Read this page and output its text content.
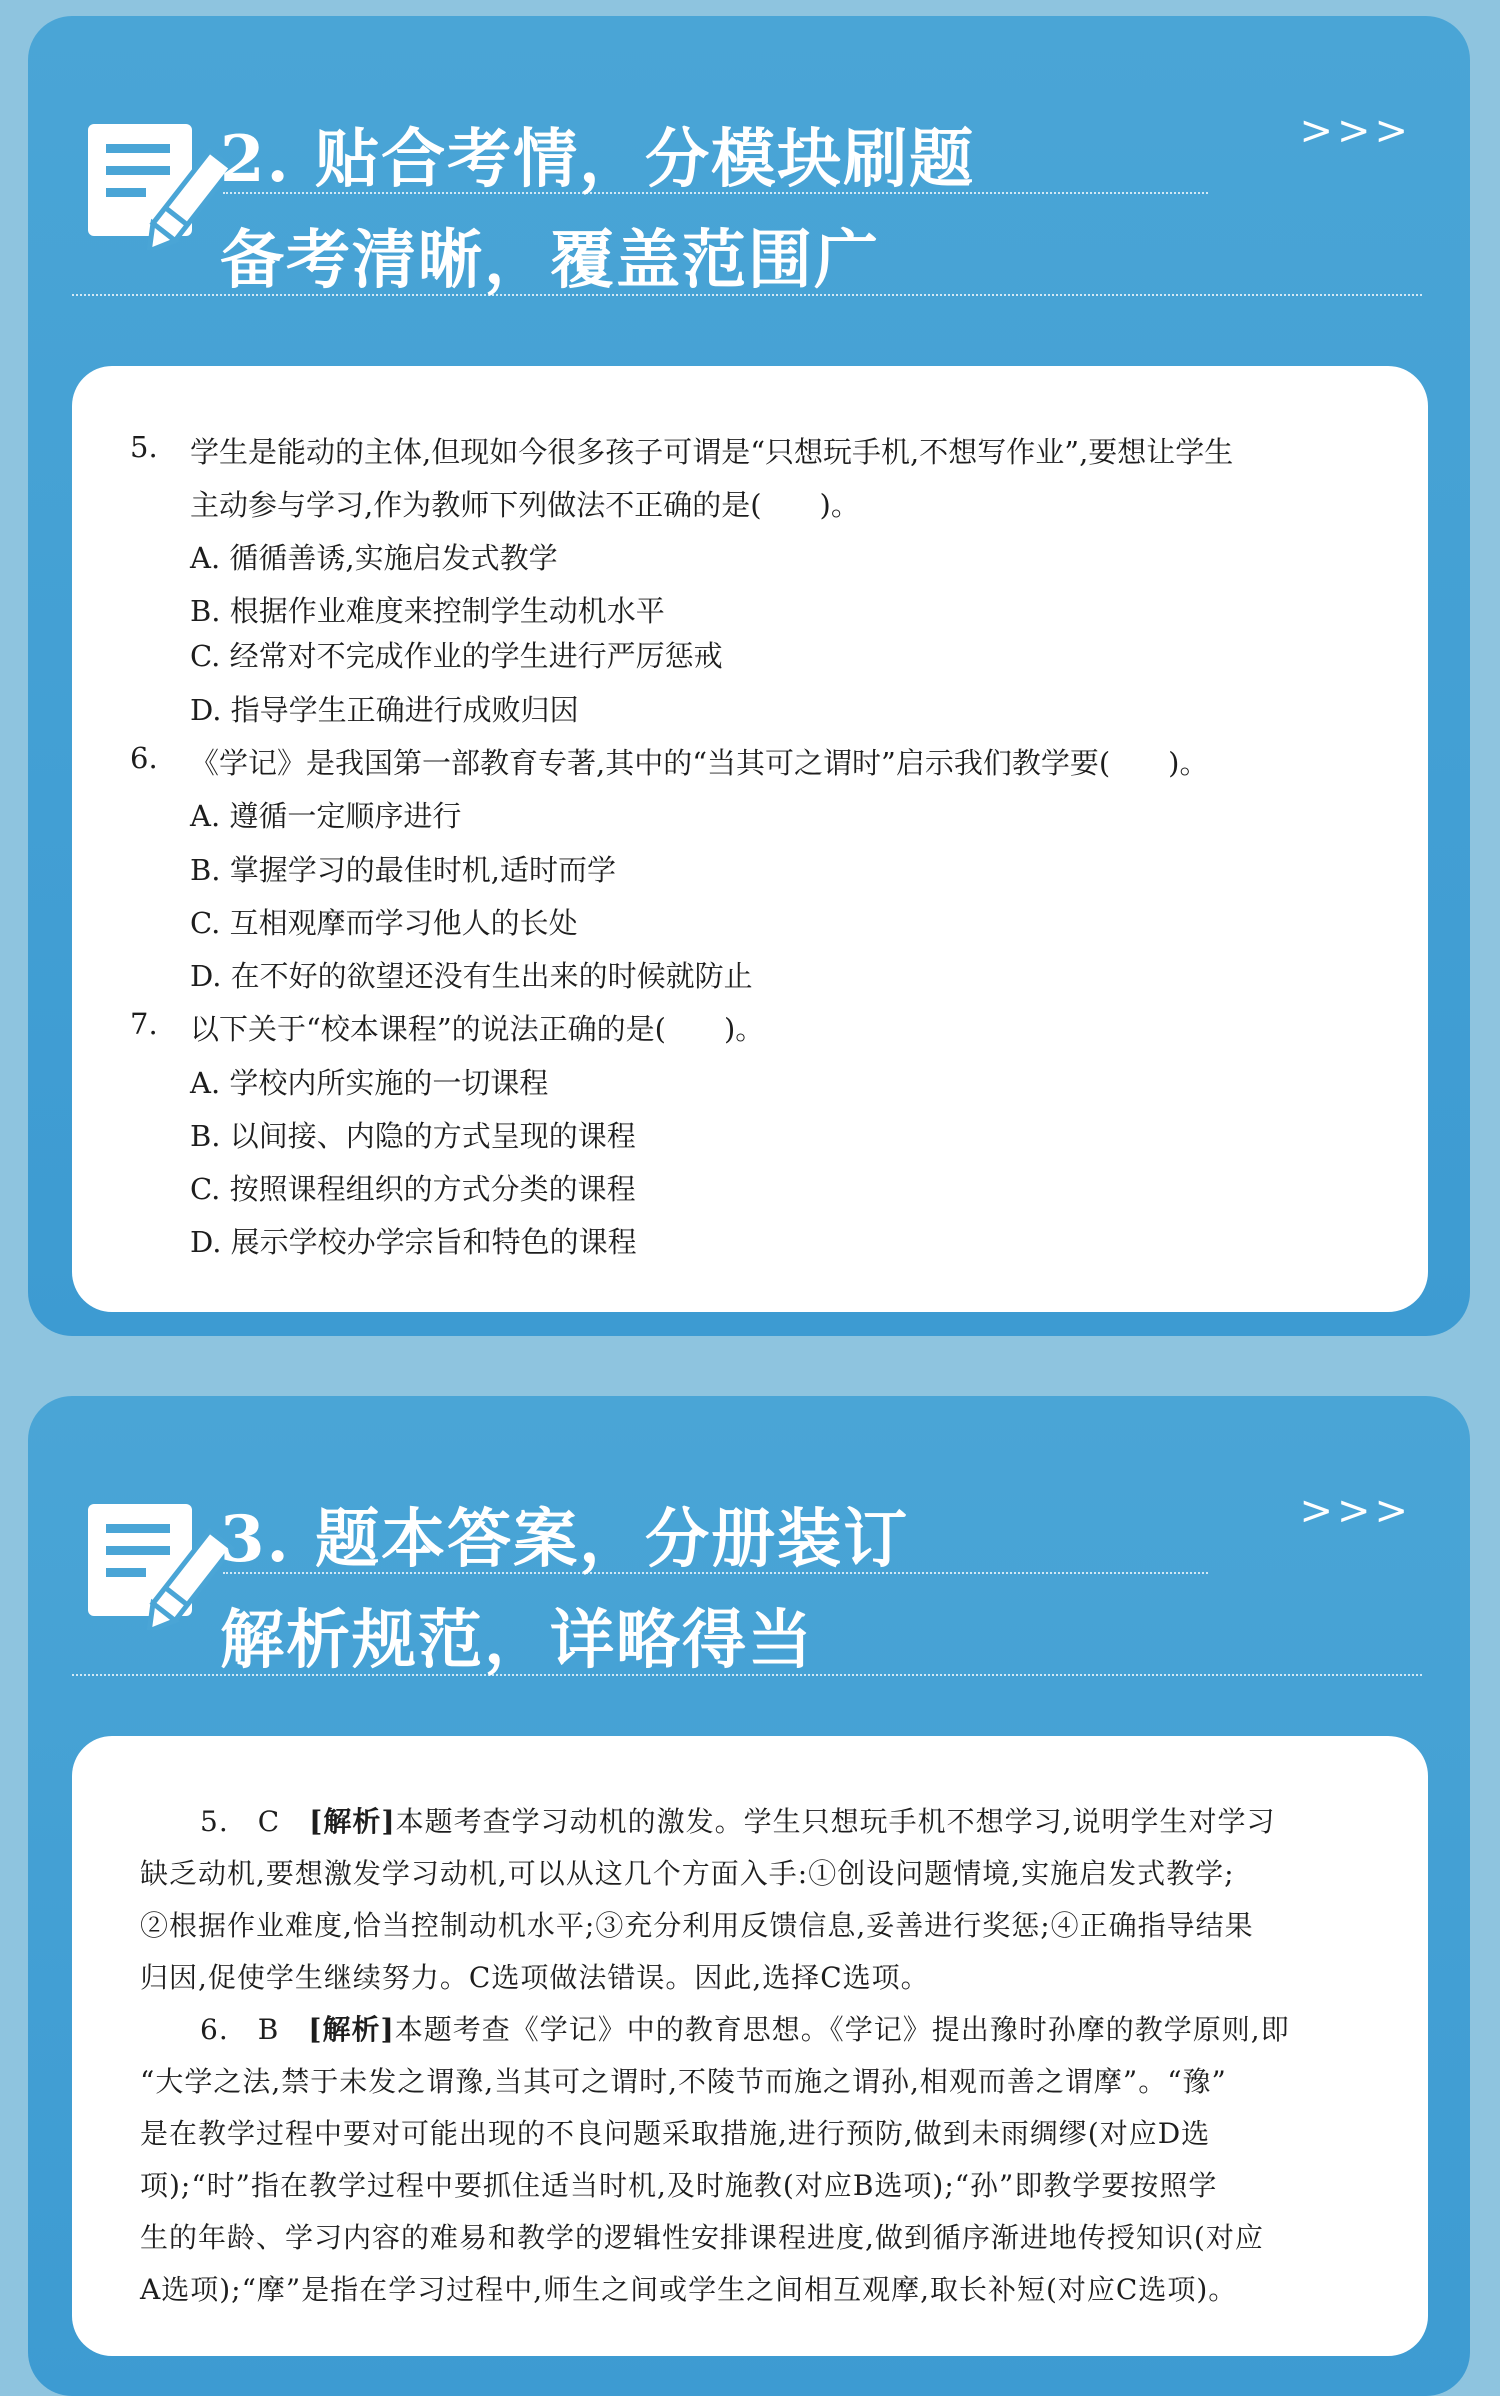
2. 贴合考情，分模块刷题
备考清晰，覆盖范围广
>>>
5. 学生是能动的主体,但现如今很多孩子可谓是“只想玩手机,不想写作业”,要想让学生

主动参与学习,作为教师下列做法不正确的是(　　)。

A. 循循善诱,实施启发式教学

B. 根据作业难度来控制学生动机水平

C. 经常对不完成作业的学生进行严厉惩戒

D. 指导学生正确进行成败归因

6. 《学记》是我国第一部教育专著,其中的“当其可之谓时”启示我们教学要(　　)。

A. 遵循一定顺序进行

B. 掌握学习的最佳时机,适时而学

C. 互相观摩而学习他人的长处

D. 在不好的欲望还没有生出来的时候就防止

7. 以下关于“校本课程”的说法正确的是(　　)。

A. 学校内所实施的一切课程

B. 以间接、内隐的方式呈现的课程

C. 按照课程组织的方式分类的课程

D. 展示学校办学宗旨和特色的课程

3. 题本答案，分册装订
解析规范，详略得当
>>>

5.　C　[解析]本题考查学习动机的激发。学生只想玩手机不想学习,说明学生对学习

缺乏动机,要想激发学习动机,可以从这几个方面入手:①创设问题情境,实施启发式教学;

②根据作业难度,恰当控制动机水平;③充分利用反馈信息,妥善进行奖惩;④正确指导结果

归因,促使学生继续努力。C选项做法错误。因此,选择C选项。

6.　B　[解析]本题考查《学记》中的教育思想。《学记》提出豫时孙摩的教学原则,即

“大学之法,禁于未发之谓豫,当其可之谓时,不陵节而施之谓孙,相观而善之谓摩”。“豫”

是在教学过程中要对可能出现的不良问题采取措施,进行预防,做到未雨绸缪(对应D选

项);“时”指在教学过程中要抓住适当时机,及时施教(对应B选项);“孙”即教学要按照学

生的年龄、学习内容的难易和教学的逻辑性安排课程进度,做到循序渐进地传授知识(对应

A选项);“摩”是指在学习过程中,师生之间或学生之间相互观摩,取长补短(对应C选项)。
